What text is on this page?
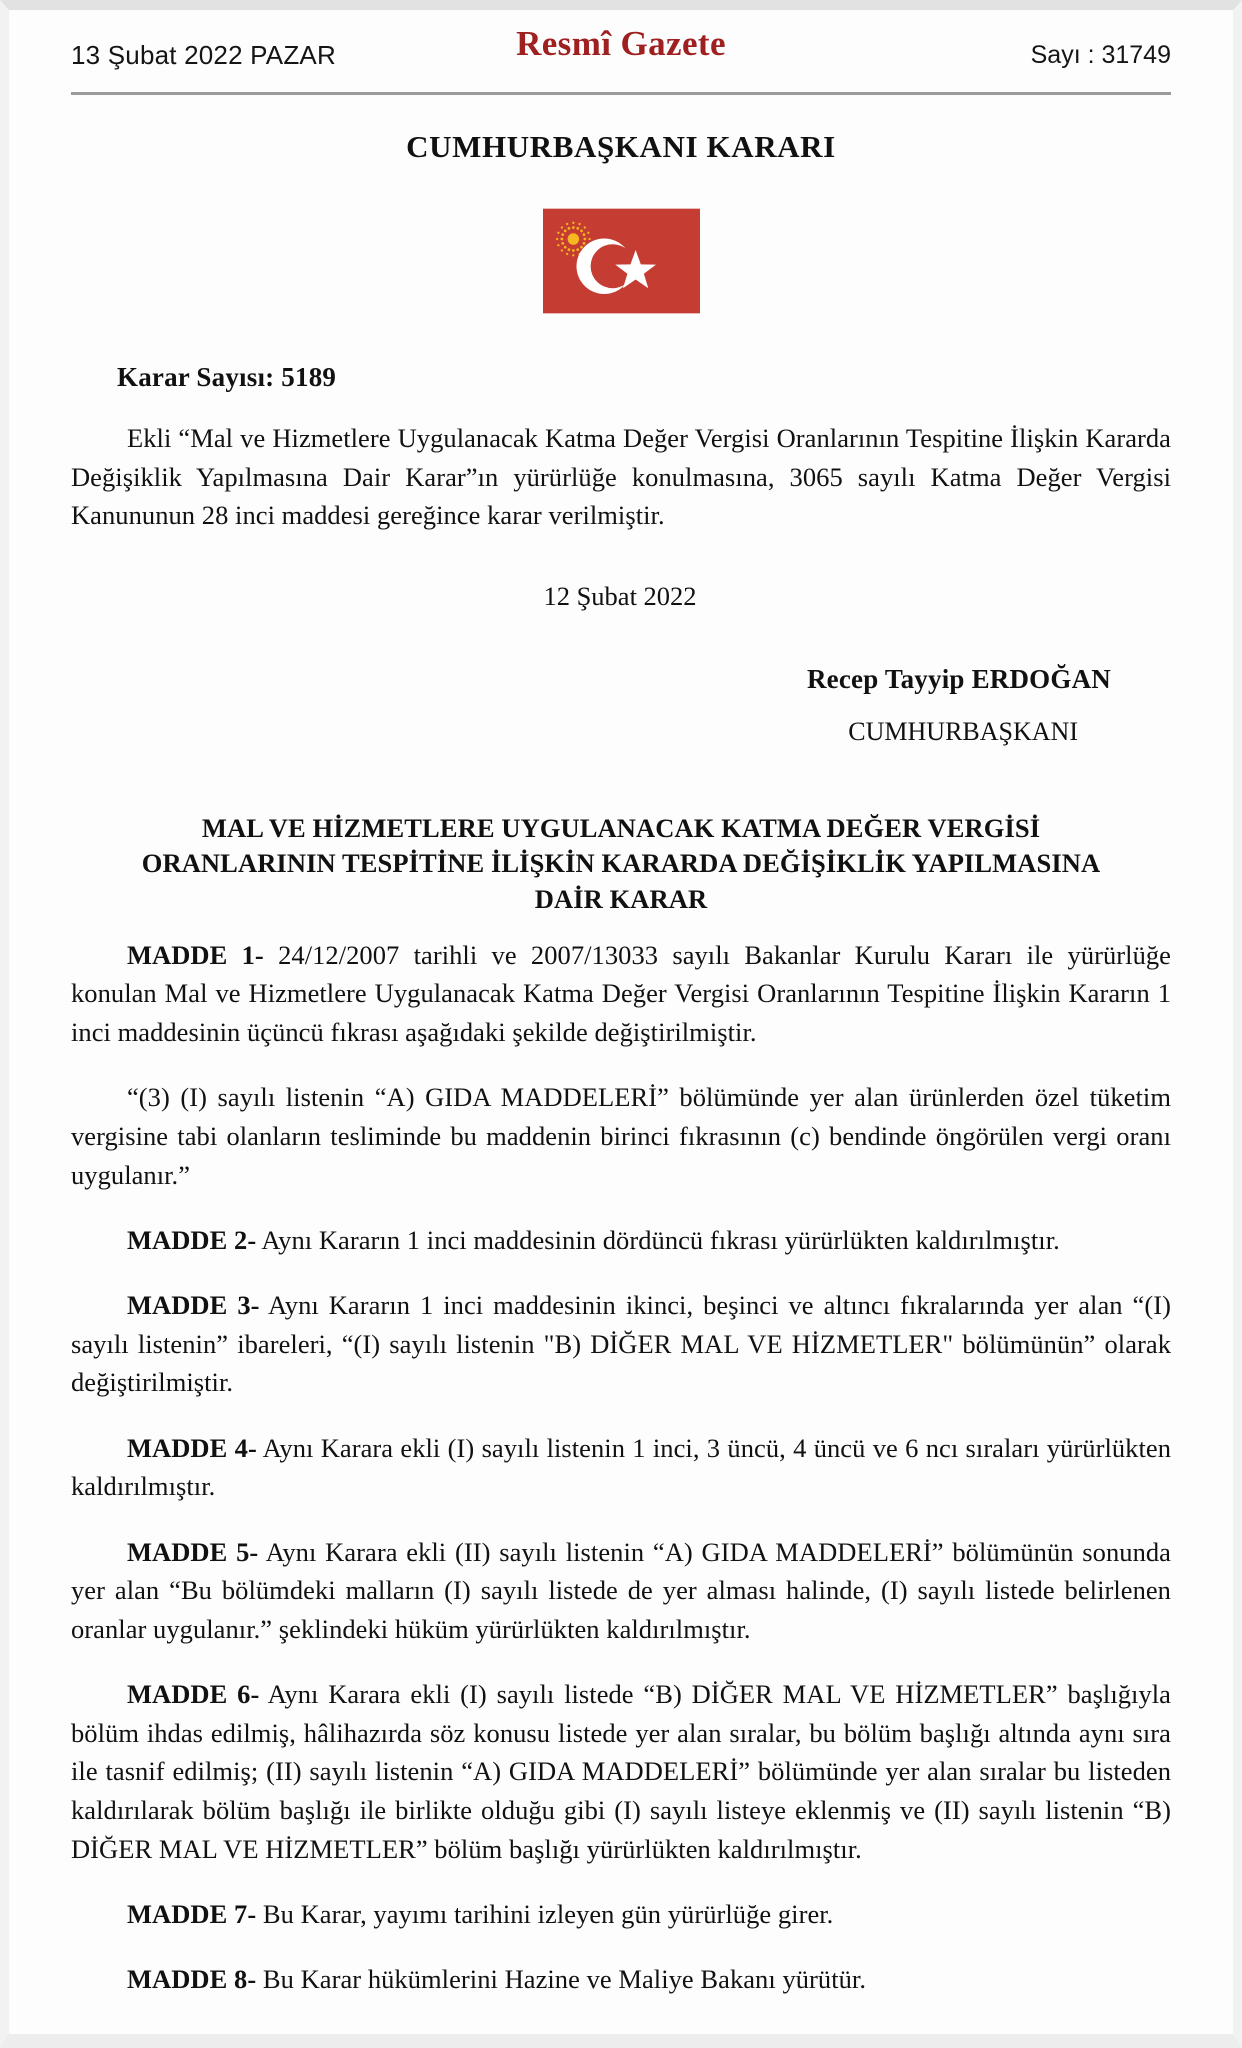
13 Şubat 2022 PAZAR	Resmî Gazete	Sayı : 31749
CUMHURBAŞKANI KARARI
Karar Sayısı: 5189
Ekli “Mal ve Hizmetlere Uygulanacak Katma Değer Vergisi Oranlarının Tespitine İlişkin Kararda Değişiklik Yapılmasına Dair Karar”ın yürürlüğe konulmasına, 3065 sayılı Katma Değer Vergisi Kanununun 28 inci maddesi gereğince karar verilmiştir.
12 Şubat 2022
Recep Tayyip ERDOĞAN
CUMHURBAŞKANI
MAL VE HİZMETLERE UYGULANACAK KATMA DEĞER VERGİSİ ORANLARININ TESPİTİNE İLİŞKİN KARARDA DEĞİŞİKLİK YAPILMASINA DAİR KARAR

MADDE 1- 24/12/2007 tarihli ve 2007/13033 sayılı Bakanlar Kurulu Kararı ile yürürlüğe konulan Mal ve Hizmetlere Uygulanacak Katma Değer Vergisi Oranlarının Tespitine İlişkin Kararın 1 inci maddesinin üçüncü fıkrası aşağıdaki şekilde değiştirilmiştir.

“(3) (I) sayılı listenin “A) GIDA MADDELERİ” bölümünde yer alan ürünlerden özel tüketim vergisine tabi olanların tesliminde bu maddenin birinci fıkrasının (c) bendinde öngörülen vergi oranı uygulanır.”

MADDE 2- Aynı Kararın 1 inci maddesinin dördüncü fıkrası yürürlükten kaldırılmıştır.

MADDE 3- Aynı Kararın 1 inci maddesinin ikinci, beşinci ve altıncı fıkralarında yer alan “(I) sayılı listenin” ibareleri, “(I) sayılı listenin "B) DİĞER MAL VE HİZMETLER" bölümünün” olarak değiştirilmiştir.

MADDE 4- Aynı Karara ekli (I) sayılı listenin 1 inci, 3 üncü, 4 üncü ve 6 ncı sıraları yürürlükten kaldırılmıştır.

MADDE 5- Aynı Karara ekli (II) sayılı listenin “A) GIDA MADDELERİ” bölümünün sonunda yer alan “Bu bölümdeki malların (I) sayılı listede de yer alması halinde, (I) sayılı listede belirlenen oranlar uygulanır.” şeklindeki hüküm yürürlükten kaldırılmıştır.

MADDE 6- Aynı Karara ekli (I) sayılı listede “B) DİĞER MAL VE HİZMETLER” başlığıyla bölüm ihdas edilmiş, hâlihazırda söz konusu listede yer alan sıralar, bu bölüm başlığı altında aynı sıra ile tasnif edilmiş; (II) sayılı listenin “A) GIDA MADDELERİ” bölümünde yer alan sıralar bu listeden kaldırılarak bölüm başlığı ile birlikte olduğu gibi (I) sayılı listeye eklenmiş ve (II) sayılı listenin “B) DİĞER MAL VE HİZMETLER” bölüm başlığı yürürlükten kaldırılmıştır.

MADDE 7- Bu Karar, yayımı tarihini izleyen gün yürürlüğe girer.

MADDE 8- Bu Karar hükümlerini Hazine ve Maliye Bakanı yürütür.
